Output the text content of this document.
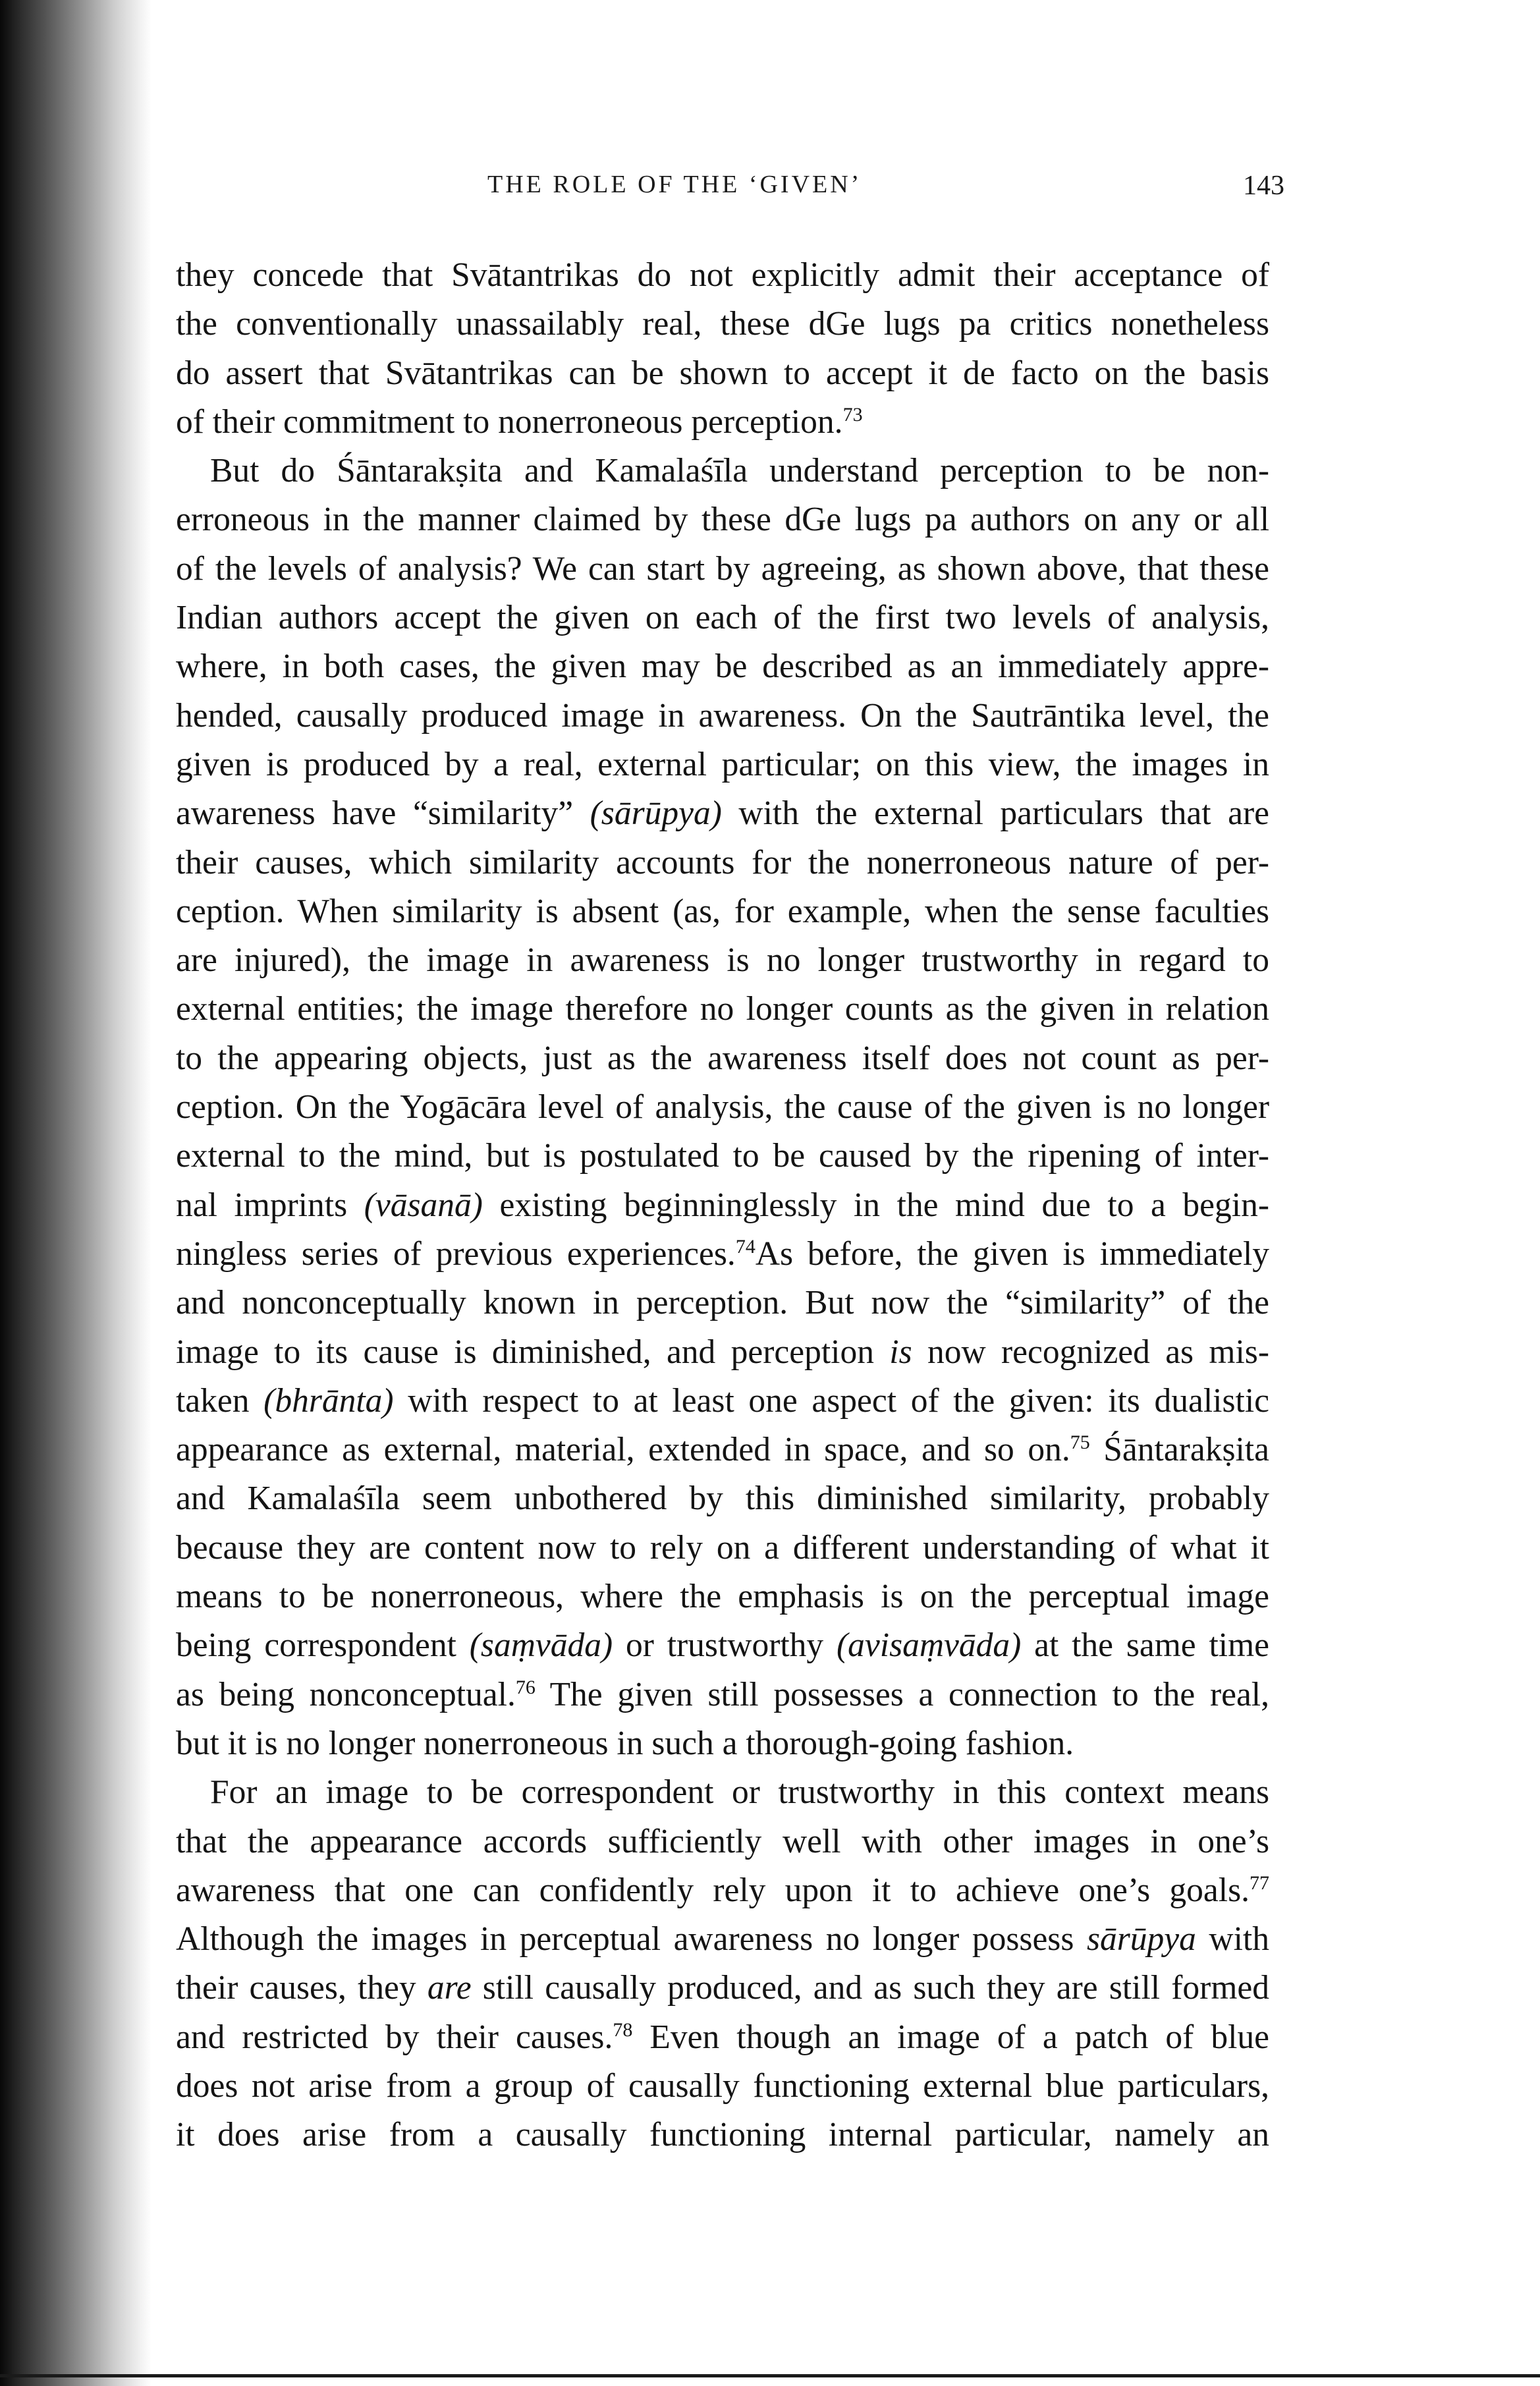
THE ROLE OF THE ‘GIVEN’	143
they concede that Svātantrikas do not explicitly admit their acceptance of
the conventionally unassailably real, these dGe lugs pa critics nonetheless
do assert that Svātantrikas can be shown to accept it de facto on the basis
of their commitment to nonerroneous perception.$^{73}$
But do Śāntarakṣita and Kamalaśīla understand perception to be non-
erroneous in the manner claimed by these dGe lugs pa authors on any or all
of the levels of analysis? We can start by agreeing, as shown above, that these
Indian authors accept the given on each of the first two levels of analysis,
where, in both cases, the given may be described as an immediately appre-
hended, causally produced image in awareness. On the Sautrāntika level, the
given is produced by a real, external particular; on this view, the images in
awareness have “similarity” (sārūpya) with the external particulars that are
their causes, which similarity accounts for the nonerroneous nature of per-
ception. When similarity is absent (as, for example, when the sense faculties
are injured), the image in awareness is no longer trustworthy in regard to
external entities; the image therefore no longer counts as the given in relation
to the appearing objects, just as the awareness itself does not count as per-
ception. On the Yogācāra level of analysis, the cause of the given is no longer
external to the mind, but is postulated to be caused by the ripening of inter-
nal imprints (vāsanā) existing beginninglessly in the mind due to a begin-
ningless series of previous experiences.$^{74}$As before, the given is immediately
and nonconceptually known in perception. But now the “similarity” of the
image to its cause is diminished, and perception is now recognized as mis-
taken (bhrānta) with respect to at least one aspect of the given: its dualistic
appearance as external, material, extended in space, and so on.$^{75}$ Śāntarakṣita
and Kamalaśīla seem unbothered by this diminished similarity, probably
because they are content now to rely on a different understanding of what it
means to be nonerroneous, where the emphasis is on the perceptual image
being correspondent (saṃvāda) or trustworthy (avisaṃvāda) at the same time
as being nonconceptual.$^{76}$ The given still possesses a connection to the real,
but it is no longer nonerroneous in such a thorough-going fashion.
For an image to be correspondent or trustworthy in this context means
that the appearance accords sufficiently well with other images in one’s
awareness that one can confidently rely upon it to achieve one’s goals.$^{77}$
Although the images in perceptual awareness no longer possess sārūpya with
their causes, they are still causally produced, and as such they are still formed
and restricted by their causes.$^{78}$ Even though an image of a patch of blue
does not arise from a group of causally functioning external blue particulars,
it does arise from a causally functioning internal particular, namely an
